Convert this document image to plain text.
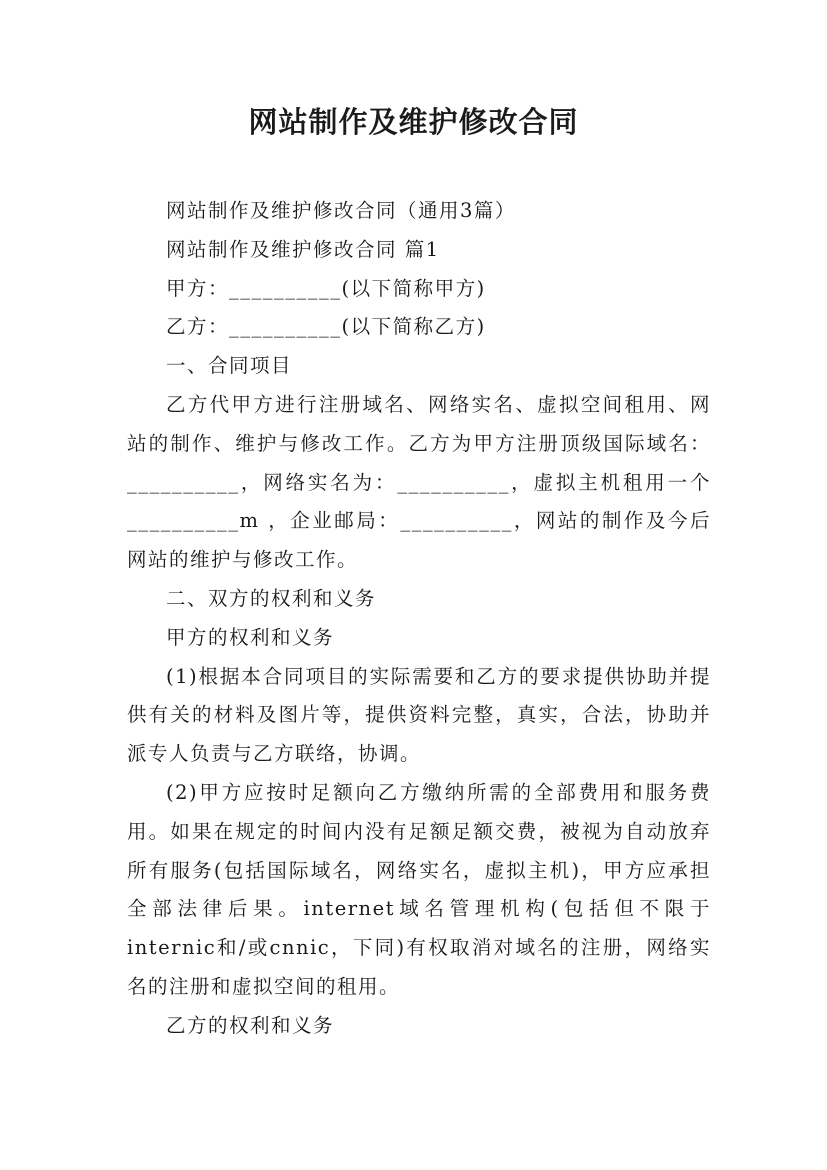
网站制作及维护修改合同

网站制作及维护修改合同（通用3篇）

网站制作及维护修改合同 篇1

甲方：__________(以下简称甲方)

乙方：__________(以下简称乙方)

一、合同项目

乙方代甲方进行注册域名、网络实名、虚拟空间租用、网站的制作、维护与修改工作。乙方为甲方注册顶级国际域名：__________，网络实名为：__________，虚拟主机租用一个__________m ，企业邮局：__________，网站的制作及今后网站的维护与修改工作。

二、双方的权利和义务

甲方的权利和义务

(1)根据本合同项目的实际需要和乙方的要求提供协助并提供有关的材料及图片等，提供资料完整，真实，合法，协助并派专人负责与乙方联络，协调。

(2)甲方应按时足额向乙方缴纳所需的全部费用和服务费用。如果在规定的时间内没有足额足额交费，被视为自动放弃所有服务(包括国际域名，网络实名，虚拟主机)，甲方应承担全部法律后果。internet域名管理机构(包括但不限于internic和/或cnnic，下同)有权取消对域名的注册，网络实名的注册和虚拟空间的租用。

乙方的权利和义务
